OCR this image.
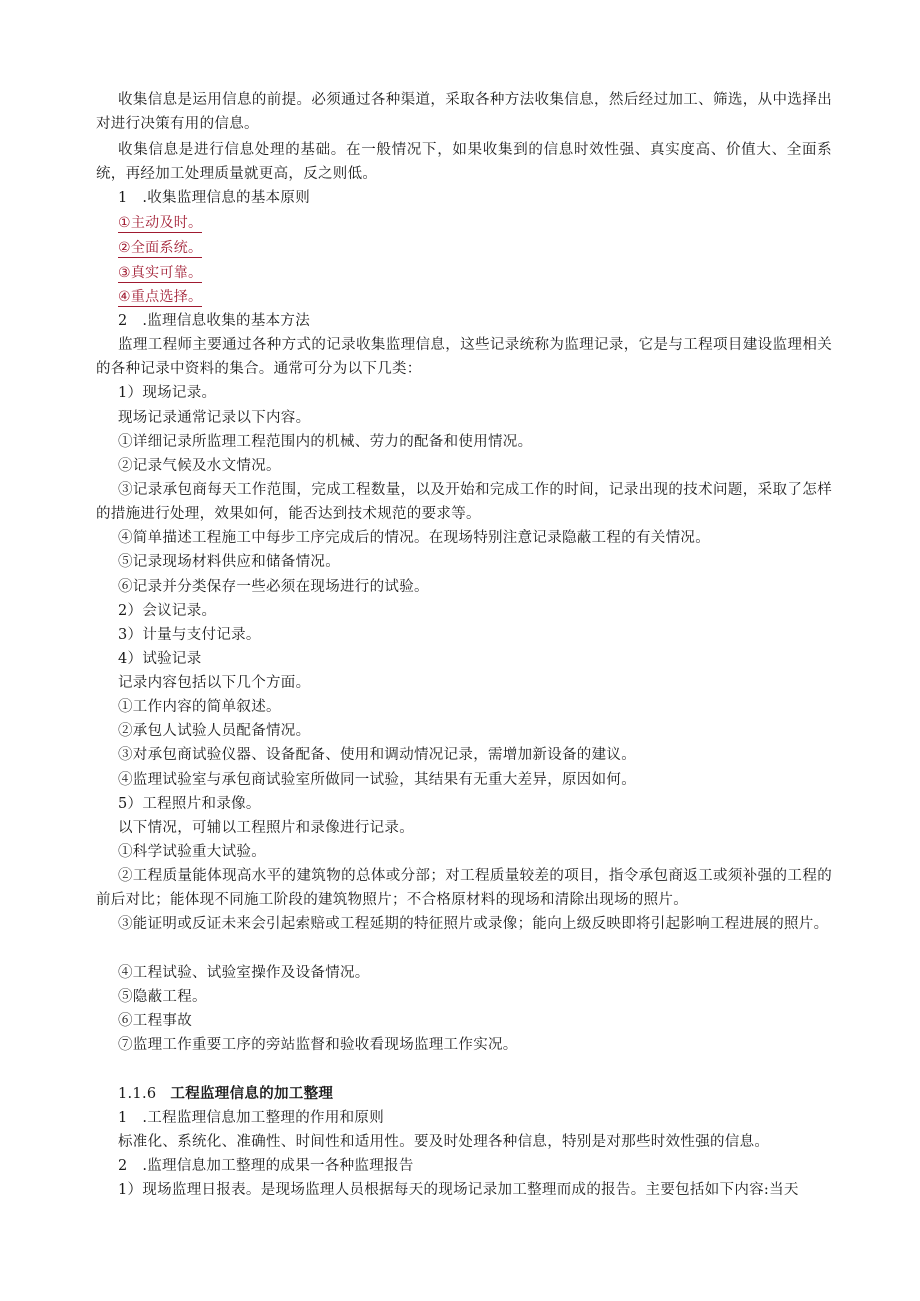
收集信息是运用信息的前提。必须通过各种渠道，采取各种方法收集信息，然后经过加工、筛选，从中选择出对进行决策有用的信息。
收集信息是进行信息处理的基础。在一般情况下，如果收集到的信息时效性强、真实度高、价值大、全面系统，再经加工处理质量就更高，反之则低。
1　.收集监理信息的基本原则
①主动及时。
②全面系统。
③真实可靠。
④重点选择。
2　.监理信息收集的基本方法
监理工程师主要通过各种方式的记录收集监理信息，这些记录统称为监理记录，它是与工程项目建设监理相关的各种记录中资料的集合。通常可分为以下几类：
1）现场记录。
现场记录通常记录以下内容。
①详细记录所监理工程范围内的机械、劳力的配备和使用情况。
②记录气候及水文情况。
③记录承包商每天工作范围，完成工程数量，以及开始和完成工作的时间，记录出现的技术问题，采取了怎样的措施进行处理，效果如何，能否达到技术规范的要求等。
④简单描述工程施工中每步工序完成后的情况。在现场特别注意记录隐蔽工程的有关情况。
⑤记录现场材料供应和储备情况。
⑥记录并分类保存一些必须在现场进行的试验。
2）会议记录。
3）计量与支付记录。
4）试验记录
记录内容包括以下几个方面。
①工作内容的简单叙述。
②承包人试验人员配备情况。
③对承包商试验仪器、设备配备、使用和调动情况记录，需增加新设备的建议。
④监理试验室与承包商试验室所做同一试验，其结果有无重大差异，原因如何。
5）工程照片和录像。
以下情况，可辅以工程照片和录像进行记录。
①科学试验重大试验。
②工程质量能体现高水平的建筑物的总体或分部；对工程质量较差的项目，指令承包商返工或须补强的工程的前后对比；能体现不同施工阶段的建筑物照片；不合格原材料的现场和清除出现场的照片。
③能证明或反证未来会引起索赔或工程延期的特征照片或录像；能向上级反映即将引起影响工程进展的照片。
④工程试验、试验室操作及设备情况。
⑤隐蔽工程。
⑥工程事故
⑦监理工作重要工序的旁站监督和验收看现场监理工作实况。
1.1.6 工程监理信息的加工整理
1　.工程监理信息加工整理的作用和原则
标准化、系统化、准确性、时间性和适用性。要及时处理各种信息，特别是对那些时效性强的信息。
2　.监理信息加工整理的成果一各种监理报告
1）现场监理日报表。是现场监理人员根据每天的现场记录加工整理而成的报告。主要包括如下内容:当天
